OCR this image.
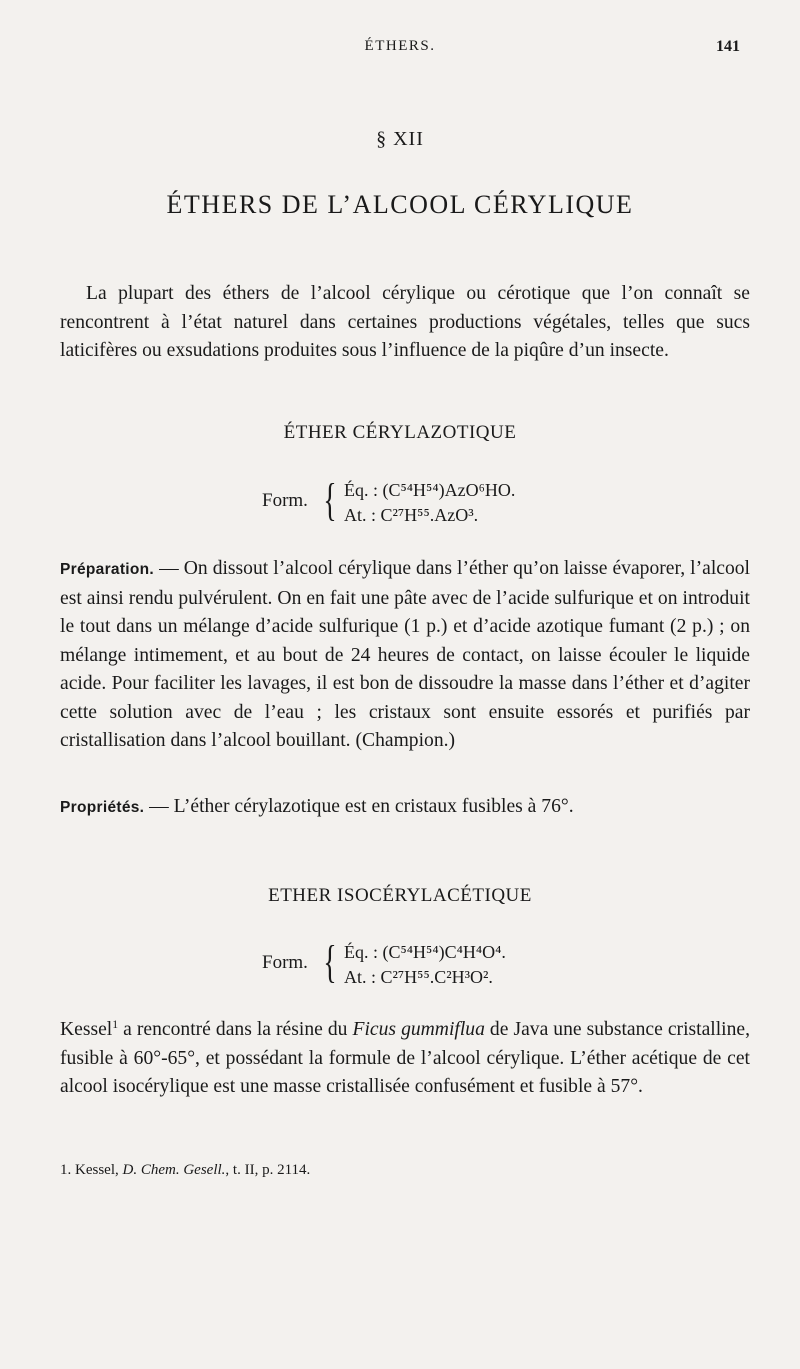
ÉTHERS.	141
§ XII
ÉTHERS DE L’ALCOOL CÉRYLIQUE

La plupart des éthers de l’alcool cérylique ou cérotique que l’on connaît se rencontrent à l’état naturel dans certaines productions végétales, telles que sucs laticifères ou exsudations produites sous l’influence de la piqûre d’un insecte.

ÉTHER CÉRYLAZOTIQUE
Form. { Éq. : (C⁵⁴H⁵⁴)AzO⁶HO.
At. : C²⁷H⁵⁵.AzO³.

Préparation. — On dissout l’alcool cérylique dans l’éther qu’on laisse évaporer, l’alcool est ainsi rendu pulvérulent. On en fait une pâte avec de l’acide sulfurique et on introduit le tout dans un mélange d’acide sulfurique (1 p.) et d’acide azotique fumant (2 p.) ; on mélange intimement, et au bout de 24 heures de contact, on laisse écouler le liquide acide. Pour faciliter les lavages, il est bon de dissoudre la masse dans l’éther et d’agiter cette solution avec de l’eau ; les cristaux sont ensuite essorés et purifiés par cristallisation dans l’alcool bouillant. (Champion.)

Propriétés. — L’éther cérylazotique est en cristaux fusibles à 76°.

ETHER ISOCÉRYLACÉTIQUE
Form. { Éq. : (C⁵⁴H⁵⁴)C⁴H⁴O⁴.
At. : C²⁷H⁵⁵.C²H³O².

Kessel$^1$ a rencontré dans la résine du Ficus gummiflua de Java une substance cristalline, fusible à 60°-65°, et possédant la formule de l’alcool cérylique. L’éther acétique de cet alcool isocérylique est une masse cristallisée confusément et fusible à 57°.

1. Kessel, D. Chem. Gesell., t. II, p. 2114.
